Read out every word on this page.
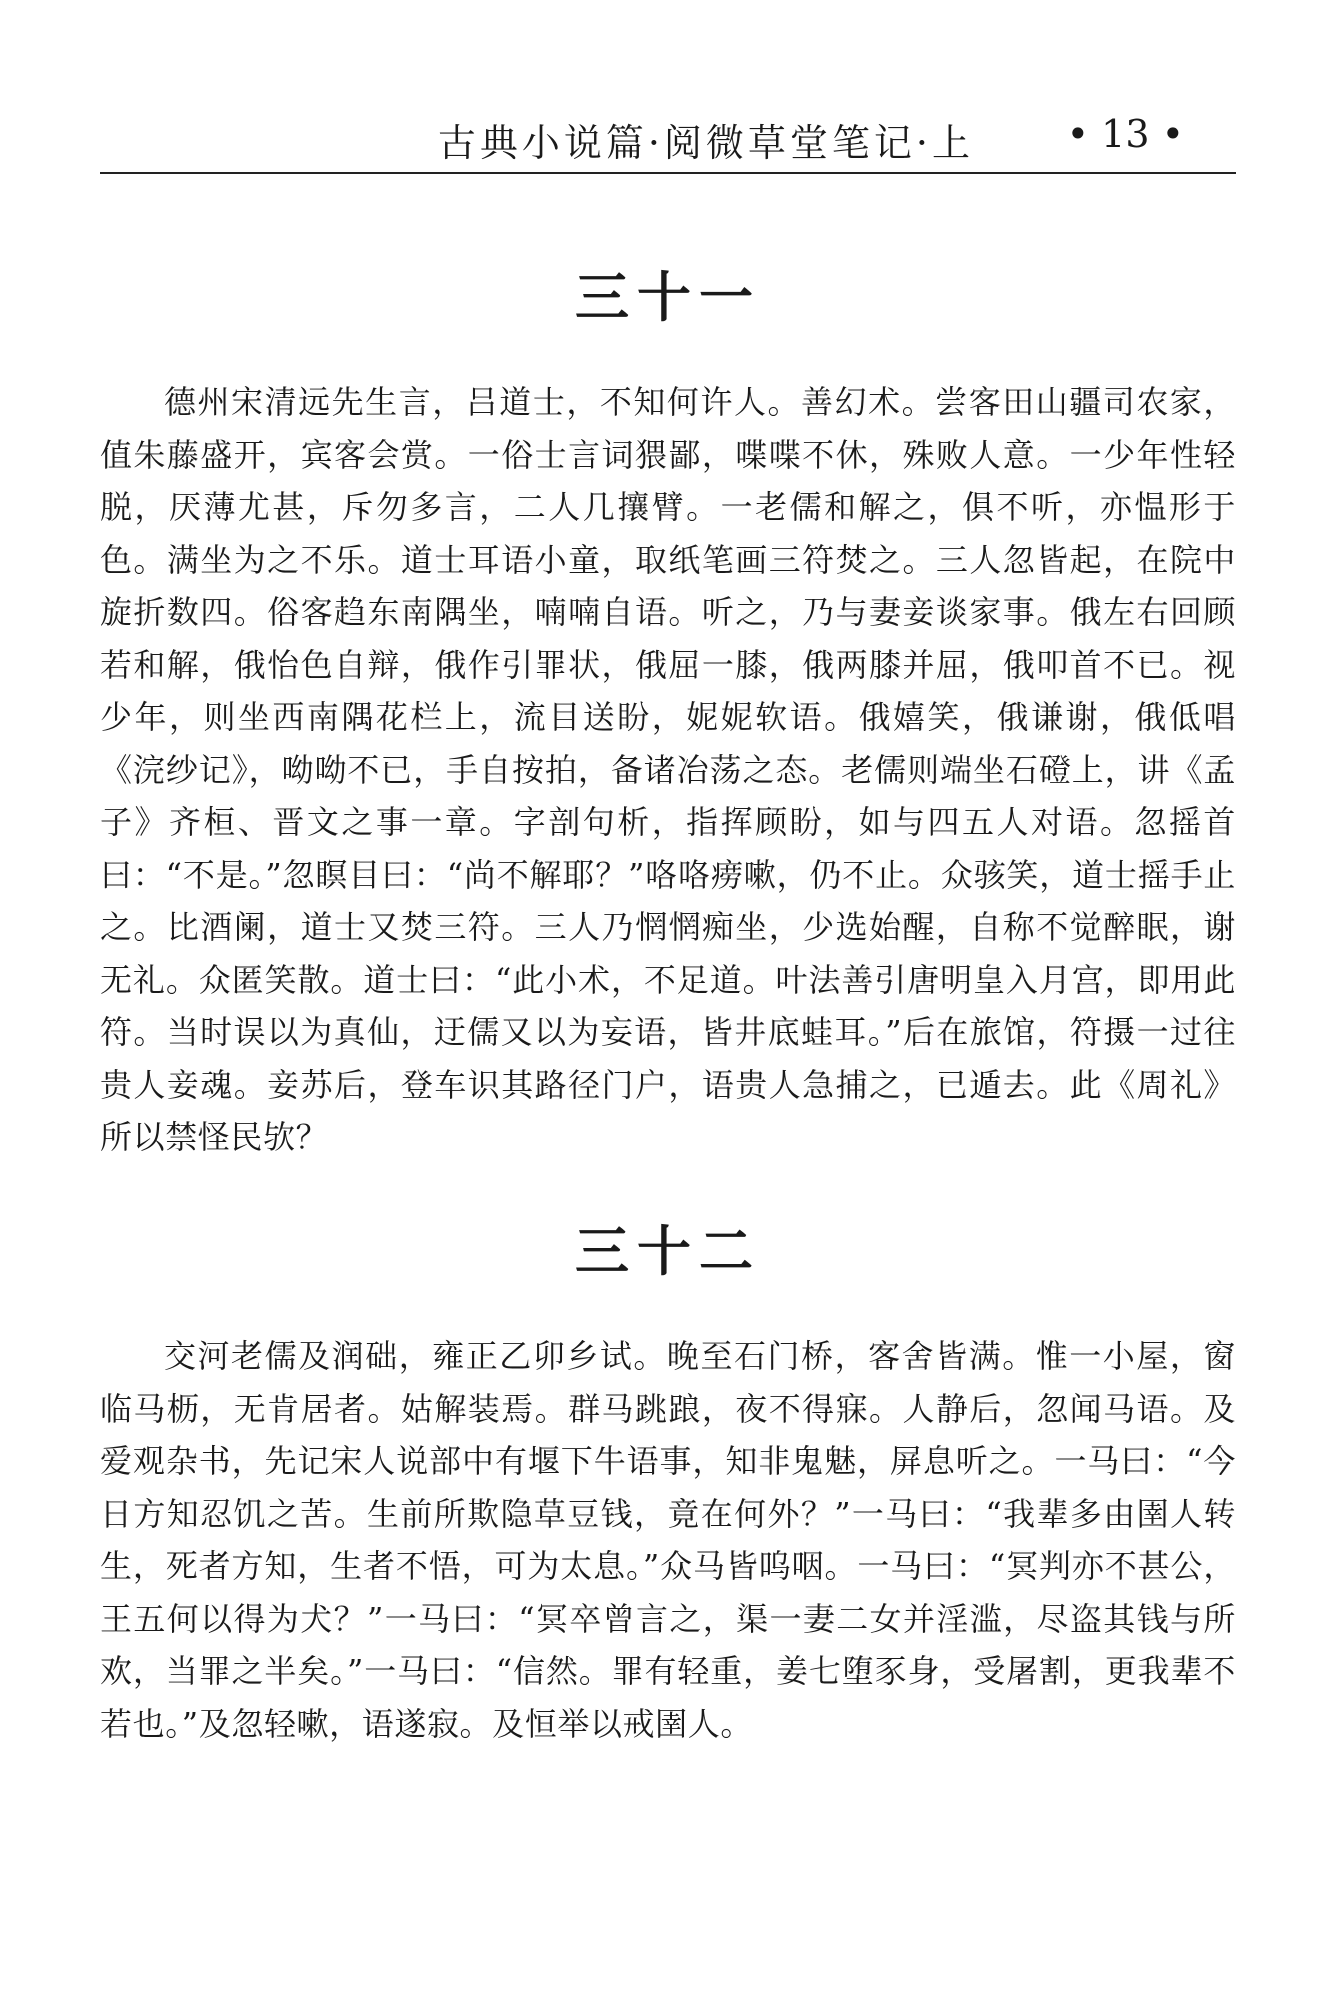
古典小说篇·阅微草堂笔记·上 • 13 •
三十一

德州宋清远先生言，吕道士，不知何许人。善幻术。尝客田山疆司农家，值朱藤盛开，宾客会赏。一俗士言词猥鄙，喋喋不休，殊败人意。一少年性轻脱，厌薄尤甚，斥勿多言，二人几攘臂。一老儒和解之，俱不听，亦愠形于色。满坐为之不乐。道士耳语小童，取纸笔画三符焚之。三人忽皆起，在院中旋折数四。俗客趋东南隅坐，喃喃自语。听之，乃与妻妾谈家事。俄左右回顾若和解，俄怡色自辩，俄作引罪状，俄屈一膝，俄两膝并屈，俄叩首不已。视少年，则坐西南隅花栏上，流目送盼，妮妮软语。俄嬉笑，俄谦谢，俄低唱《浣纱记》，呦呦不已，手自按拍，备诸冶荡之态。老儒则端坐石磴上，讲《孟子》齐桓、晋文之事一章。字剖句析，指挥顾盼，如与四五人对语。忽摇首曰：“不是。”忽瞑目曰：“尚不解耶？”咯咯痨嗽，仍不止。众骇笑，道士摇手止之。比酒阑，道士又焚三符。三人乃惘惘痴坐，少选始醒，自称不觉醉眠，谢无礼。众匿笑散。道士曰：“此小术，不足道。叶法善引唐明皇入月宫，即用此符。当时误以为真仙，迂儒又以为妄语，皆井底蛙耳。”后在旅馆，符摄一过往贵人妾魂。妾苏后，登车识其路径门户，语贵人急捕之，已遁去。此《周礼》所以禁怪民欤？

三十二

交河老儒及润础，雍正乙卯乡试。晚至石门桥，客舍皆满。惟一小屋，窗临马枥，无肯居者。姑解装焉。群马跳踉，夜不得寐。人静后，忽闻马语。及爱观杂书，先记宋人说部中有堰下牛语事，知非鬼魅，屏息听之。一马曰：“今日方知忍饥之苦。生前所欺隐草豆钱，竟在何外？”一马曰：“我辈多由圉人转生，死者方知，生者不悟，可为太息。”众马皆呜咽。一马曰：“冥判亦不甚公，王五何以得为犬？”一马曰：“冥卒曾言之，渠一妻二女并淫滥，尽盗其钱与所欢，当罪之半矣。”一马曰：“信然。罪有轻重，姜七堕豕身，受屠割，更我辈不若也。”及忽轻嗽，语遂寂。及恒举以戒圉人。
